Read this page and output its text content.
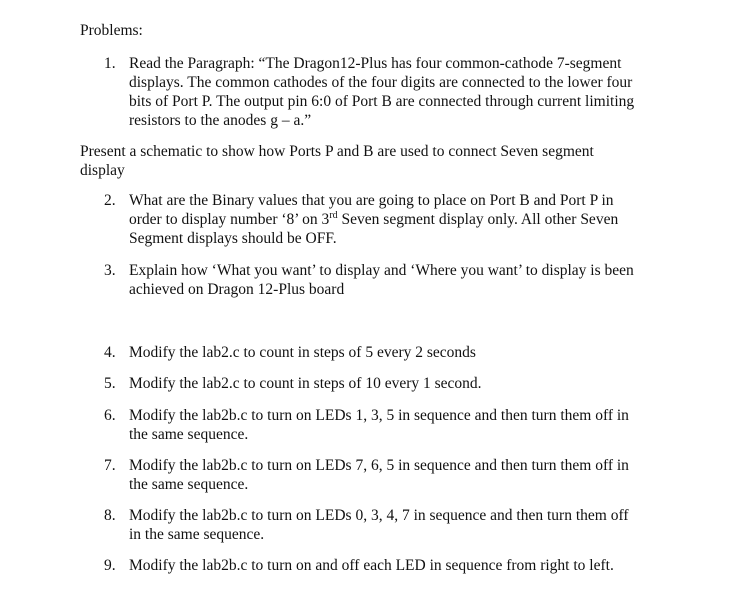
Problems:
1. Read the Paragraph: “The Dragon12-Plus has four common-cathode 7-segment
displays. The common cathodes of the four digits are connected to the lower four
bits of Port P. The output pin 6:0 of Port B are connected through current limiting
resistors to the anodes g – a.”
Present a schematic to show how Ports P and B are used to connect Seven segment
display
2. What are the Binary values that you are going to place on Port B and Port P in
order to display number ‘8’ on 3rd Seven segment display only. All other Seven
Segment displays should be OFF.
3. Explain how ‘What you want’ to display and ‘Where you want’ to display is been
achieved on Dragon 12-Plus board
4. Modify the lab2.c to count in steps of 5 every 2 seconds
5. Modify the lab2.c to count in steps of 10 every 1 second.
6. Modify the lab2b.c to turn on LEDs 1, 3, 5 in sequence and then turn them off in
the same sequence.
7. Modify the lab2b.c to turn on LEDs 7, 6, 5 in sequence and then turn them off in
the same sequence.
8. Modify the lab2b.c to turn on LEDs 0, 3, 4, 7 in sequence and then turn them off
in the same sequence.
9. Modify the lab2b.c to turn on and off each LED in sequence from right to left.
